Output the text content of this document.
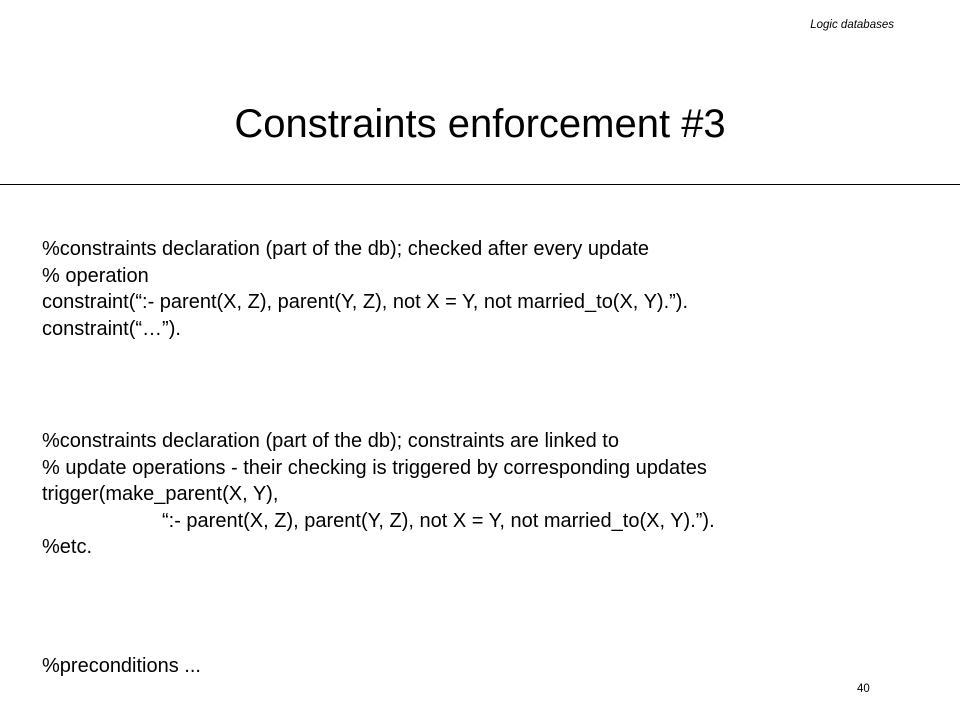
Logic databases
Constraints enforcement #3
%constraints declaration (part of the db); checked after every update
% operation
constraint(“:- parent(X, Z), parent(Y, Z), not X = Y, not married_to(X, Y).”).
constraint(“…”).
%constraints declaration (part of the db); constraints are linked to
% update operations - their checking is triggered by corresponding updates
trigger(make_parent(X, Y),
“:- parent(X, Z), parent(Y, Z), not X = Y, not married_to(X, Y).”).
%etc.
%preconditions ...
40
